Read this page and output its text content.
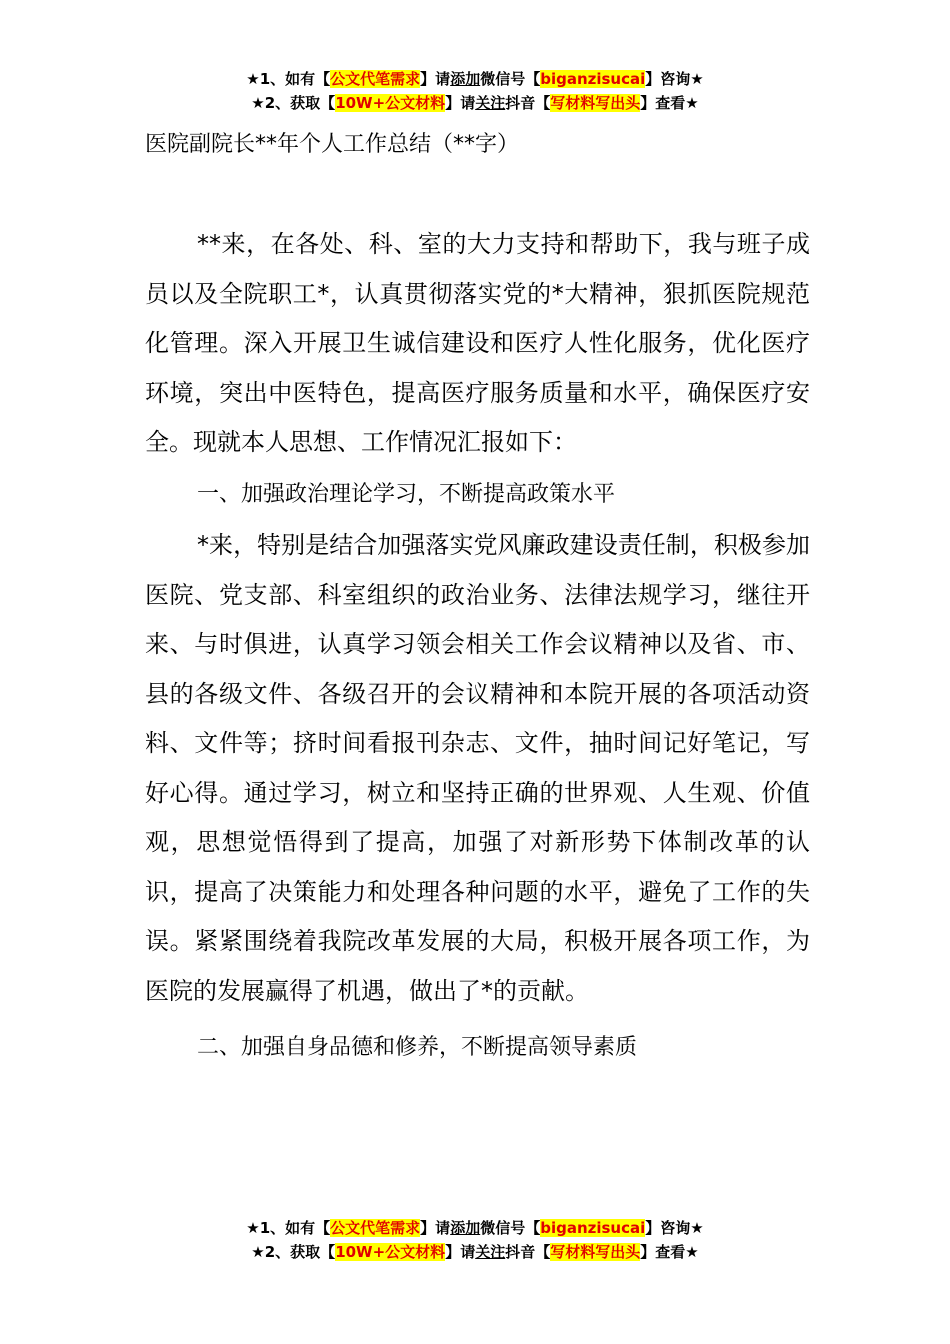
★1、如有【公文代笔需求】请添加微信号【biganzisucai】咨询★
★2、获取【10W+公文材料】请关注抖音【写材料写出头】查看★
医院副院长**年个人工作总结（**字）

**来，在各处、科、室的大力支持和帮助下，我与班子成员以及全院职工*，认真贯彻落实党的*大精神，狠抓医院规范化管理。深入开展卫生诚信建设和医疗人性化服务，优化医疗环境，突出中医特色，提高医疗服务质量和水平，确保医疗安全。现就本人思想、工作情况汇报如下：

一、加强政治理论学习，不断提高政策水平

*来，特别是结合加强落实党风廉政建设责任制，积极参加医院、党支部、科室组织的政治业务、法律法规学习，继往开来、与时俱进，认真学习领会相关工作会议精神以及省、市、县的各级文件、各级召开的会议精神和本院开展的各项活动资料、文件等；挤时间看报刊杂志、文件，抽时间记好笔记，写好心得。通过学习，树立和坚持正确的世界观、人生观、价值观，思想觉悟得到了提高，加强了对新形势下体制改革的认识，提高了决策能力和处理各种问题的水平，避免了工作的失误。紧紧围绕着我院改革发展的大局，积极开展各项工作，为医院的发展赢得了机遇，做出了*的贡献。

二、加强自身品德和修养，不断提高领导素质

★1、如有【公文代笔需求】请添加微信号【biganzisucai】咨询★
★2、获取【10W+公文材料】请关注抖音【写材料写出头】查看★
